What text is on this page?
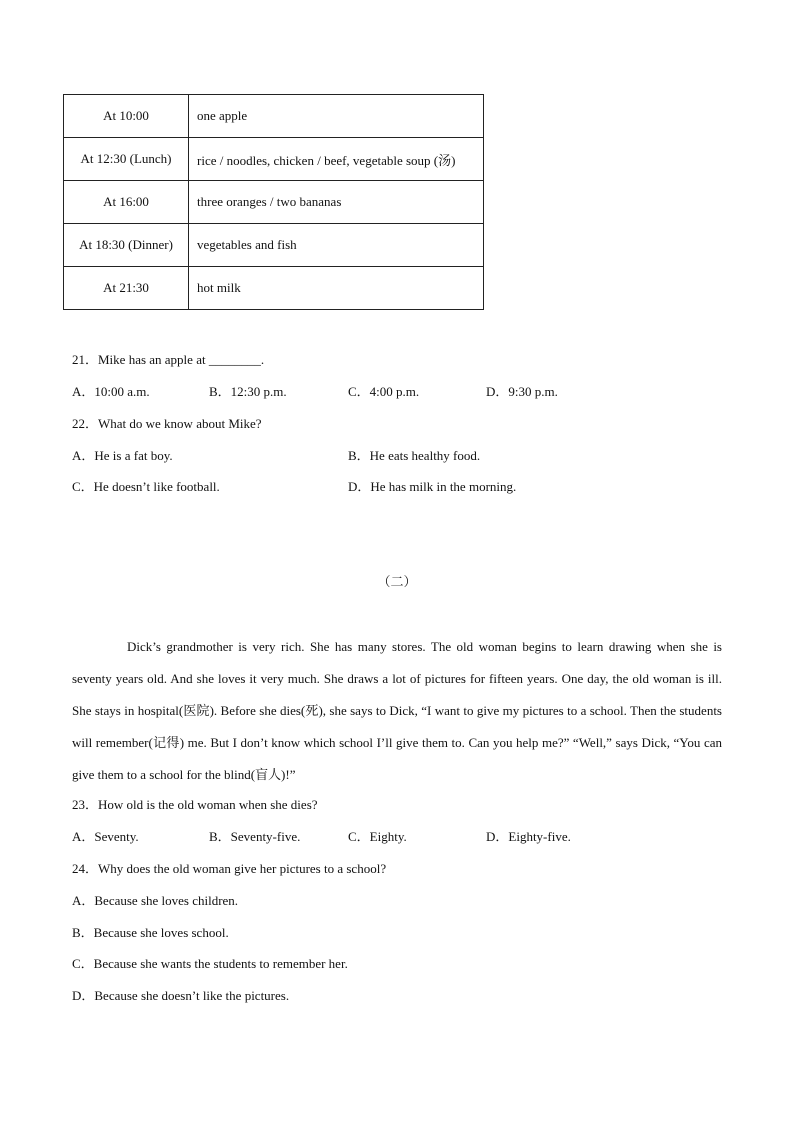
At 10:00	one apple
At 12:30 (Lunch)	rice / noodles, chicken / beef, vegetable soup (汤)
At 16:00	three oranges / two bananas
At 18:30 (Dinner)	vegetables and fish
At 21:30	hot milk
21．Mike has an apple at ________.
A．10:00 a.m.	B．12:30 p.m.	C．4:00 p.m.	D．9:30 p.m.
22．What do we know about Mike?
A．He is a fat boy.	B．He eats healthy food.
C．He doesn’t like football.	D．He has milk in the morning.
（二）
Dick’s grandmother is very rich. She has many stores. The old woman begins to learn drawing when she is seventy years old. And she loves it very much. She draws a lot of pictures for fifteen years. One day, the old woman is ill. She stays in hospital(医院). Before she dies(死), she says to Dick, “I want to give my pictures to a school. Then the students will remember(记得) me. But I don’t know which school I’ll give them to. Can you help me?” “Well,” says Dick, “You can give them to a school for the blind(盲人)!”
23．How old is the old woman when she dies?
A．Seventy.	B．Seventy-five.	C．Eighty.	D．Eighty-five.
24．Why does the old woman give her pictures to a school?
A．Because she loves children.
B．Because she loves school.
C．Because she wants the students to remember her.
D．Because she doesn’t like the pictures.
